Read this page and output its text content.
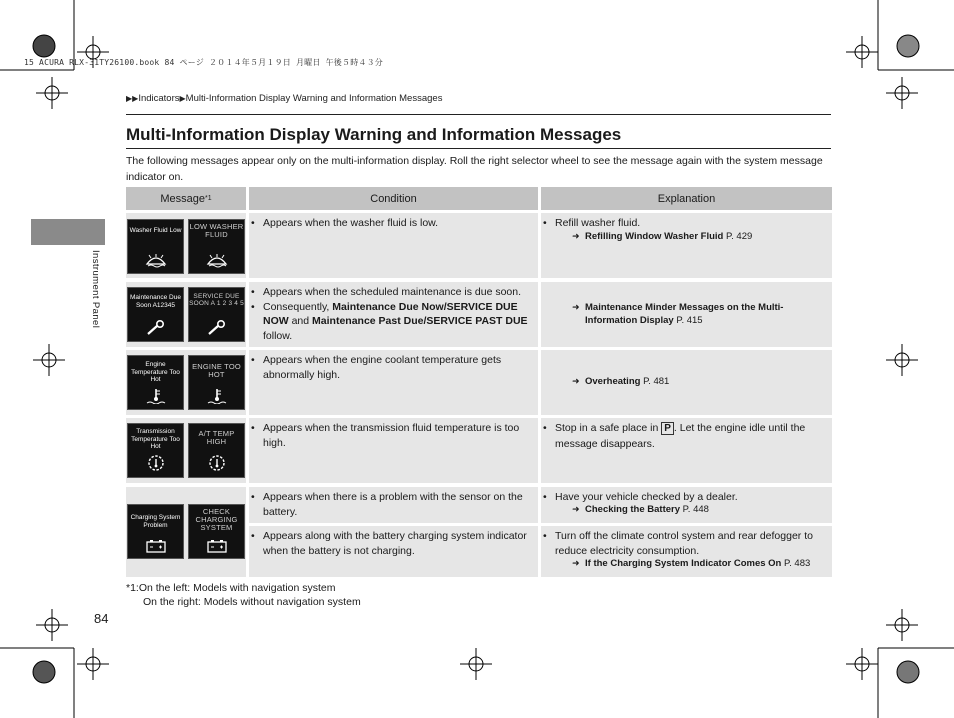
15 ACURA RLX-31TY26100.book 84 ページ ２０１４年５月１９日 月曜日 午後５時４３分
▶▶Indicators▶Multi-Information Display Warning and Information Messages
Multi-Information Display Warning and Information Messages
The following messages appear only on the multi-information display. Roll the right selector wheel to see the message again with the system message indicator on.
Instrument Panel
Message *1	Condition	Explanation
Washer Fluid Low LOW WASHER FLUID

• Appears when the washer fluid is low.

•	Refill washer fluid.

➜ Refilling Window Washer Fluid P. 429
Maintenance Due Soon A12345
SERVICE DUE SOON A 1 2 3 4 5

• Appears when the scheduled maintenance is due soon.

• Consequently, Maintenance Due Now/SERVICE DUE NOW and Maintenance Past Due/SERVICE PAST DUE follow.

➜ Maintenance Minder Messages on the Multi-Information Display P. 415
Engine Temperature Too Hot
ENGINE TOO HOT

• Appears when the engine coolant temperature gets abnormally high.

➜ Overheating P. 481
Transmission Temperature Too Hot
A/T TEMP HIGH

• Appears when the transmission fluid temperature is too high.

• Stop in a safe place in P . Let the engine idle until the message disappears.

Charging System Problem
CHECK CHARGING SYSTEM

• Appears when there is a problem with the sensor on the battery.

• Have your vehicle checked by a dealer.

➜ Checking the Battery P. 448

• Appears along with the battery charging system indicator when the battery is not charging.

• Turn off the climate control system and rear defogger to reduce electricity consumption.

➜ If the Charging System Indicator Comes On P. 483
*1:On the left: Models with navigation system
On the right: Models without navigation system
84
